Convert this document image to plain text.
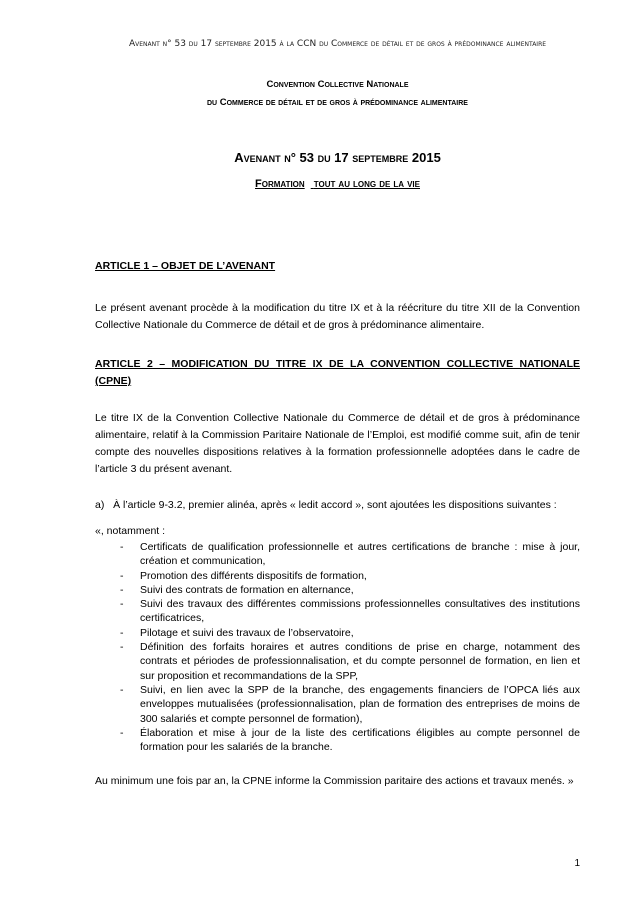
Avenant n° 53 du 17 septembre 2015 à la CCN du Commerce de détail et de gros à prédominance alimentaire
Convention Collective Nationale
du Commerce de détail et de gros à prédominance alimentaire
Avenant n° 53 du 17 septembre 2015
Formation tout au long de la vie
ARTICLE 1 – OBJET DE L’AVENANT
Le présent avenant procède à la modification du titre IX et à la réécriture du titre XII de la Convention Collective Nationale du Commerce de détail et de gros à prédominance alimentaire.
ARTICLE 2 – MODIFICATION DU TITRE IX DE LA CONVENTION COLLECTIVE NATIONALE
(CPNE)
Le titre IX de la Convention Collective Nationale du Commerce de détail et de gros à prédominance alimentaire, relatif à la Commission Paritaire Nationale de l’Emploi, est modifié comme suit, afin de tenir compte des nouvelles dispositions relatives à la formation professionnelle adoptées dans le cadre de l’article 3 du présent avenant.
a)   À l’article 9-3.2, premier alinéa, après « ledit accord », sont ajoutées les dispositions suivantes :
«, notamment :
- Certificats de qualification professionnelle et autres certifications de branche : mise à jour, création et communication,
- Promotion des différents dispositifs de formation,
- Suivi des contrats de formation en alternance,
- Suivi des travaux des différentes commissions professionnelles consultatives des institutions certificatrices,
- Pilotage et suivi des travaux de l’observatoire,
- Définition des forfaits horaires et autres conditions de prise en charge, notamment des contrats et périodes de professionnalisation, et du compte personnel de formation, en lien et sur proposition et recommandations de la SPP,
- Suivi, en lien avec la SPP de la branche, des engagements financiers de l’OPCA liés aux enveloppes mutualisées (professionnalisation, plan de formation des entreprises de moins de 300 salariés et compte personnel de formation),
- Élaboration et mise à jour de la liste des certifications éligibles au compte personnel de formation pour les salariés de la branche.
Au minimum une fois par an, la CPNE informe la Commission paritaire des actions et travaux menés. »
1
